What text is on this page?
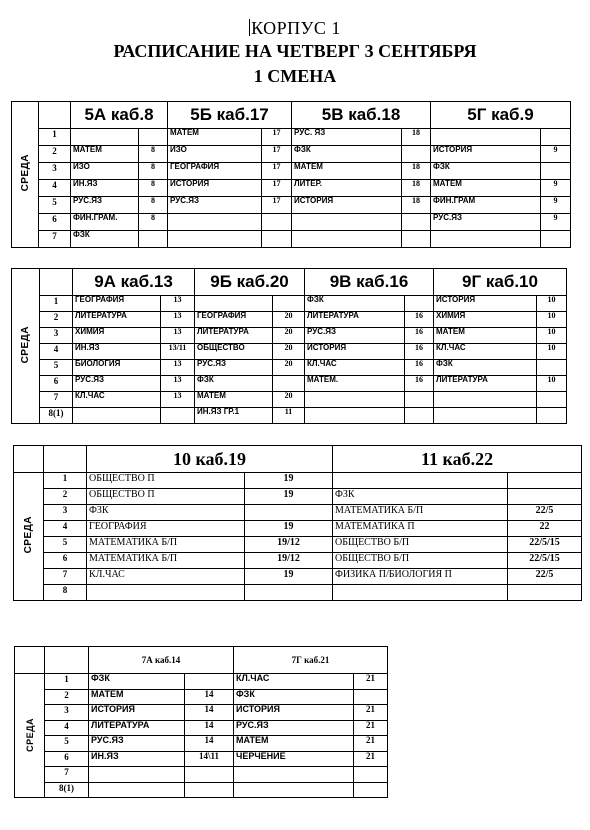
КОРПУС 1
РАСПИСАНИЕ НА ЧЕТВЕРГ 3 СЕНТЯБРЯ
1 СМЕНА
СРЕДА		5А каб.8		5Б каб.17		5В каб.18		5Г каб.9	
	1			МАТЕМ	17	РУС. ЯЗ	18		

	2	МАТЕМ	8	ИЗО	17	ФЗК		ИСТОРИЯ	9

	3	ИЗО	8	ГЕОГРАФИЯ	17	МАТЕМ	18	ФЗК	

	4	ИН.ЯЗ	8	ИСТОРИЯ	17	ЛИТЕР.	18	МАТЕМ	9

	5	РУС.ЯЗ	8	РУС.ЯЗ	17	ИСТОРИЯ	18	ФИН.ГРАМ	9

	6	ФИН.ГРАМ.	8					РУС.ЯЗ	9

	7	ФЗК							

СРЕДА		9А каб.13		9Б каб.20		9В каб.16		9Г каб.10	
	1	ГЕОГРАФИЯ	13			ФЗК		ИСТОРИЯ	10

	2	ЛИТЕРАТУРА	13	ГЕОГРАФИЯ	20	ЛИТЕРАТУРА	16	ХИМИЯ	10

	3	ХИМИЯ	13	ЛИТЕРАТУРА	20	РУС.ЯЗ	16	МАТЕМ	10

	4	ИН.ЯЗ	13/11	ОБЩЕСТВО	20	ИСТОРИЯ	16	КЛ.ЧАС	10

	5	БИОЛОГИЯ	13	РУС.ЯЗ	20	КЛ.ЧАС	16	ФЗК	

	6	РУС.ЯЗ	13	ФЗК		МАТЕМ.	16	ЛИТЕРАТУРА	10

	7	КЛ.ЧАС	13	МАТЕМ	20				

	8(1)			ИН.ЯЗ ГР.1	11				

		10 каб.19		11 каб.22	
СРЕДА	1	ОБЩЕСТВО П	19		

	2	ОБЩЕСТВО П	19	ФЗК	

	3	ФЗК		МАТЕМАТИКА Б/П	22/5

	4	ГЕОГРАФИЯ	19	МАТЕМАТИКА П	22

	5	МАТЕМАТИКА Б/П	19/12	ОБЩЕСТВО Б/П	22/5/15

	6	МАТЕМАТИКА Б/П	19/12	ОБЩЕСТВО Б/П	22/5/15

	7	КЛ.ЧАС	19	ФИЗИКА П/БИОЛОГИЯ П	22/5

	8	

		7А каб.14		7Г каб.21	
СРЕДА	1	ФЗК		КЛ.ЧАС	21

	2	МАТЕМ	14	ФЗК	

	3	ИСТОРИЯ	14	ИСТОРИЯ	21

	4	ЛИТЕРАТУРА	14	РУС.ЯЗ	21

	5	РУС.ЯЗ	14	МАТЕМ	21

	6	ИН.ЯЗ	14\11	ЧЕРЧЕНИЕ	21

	7	

	8(1)	
